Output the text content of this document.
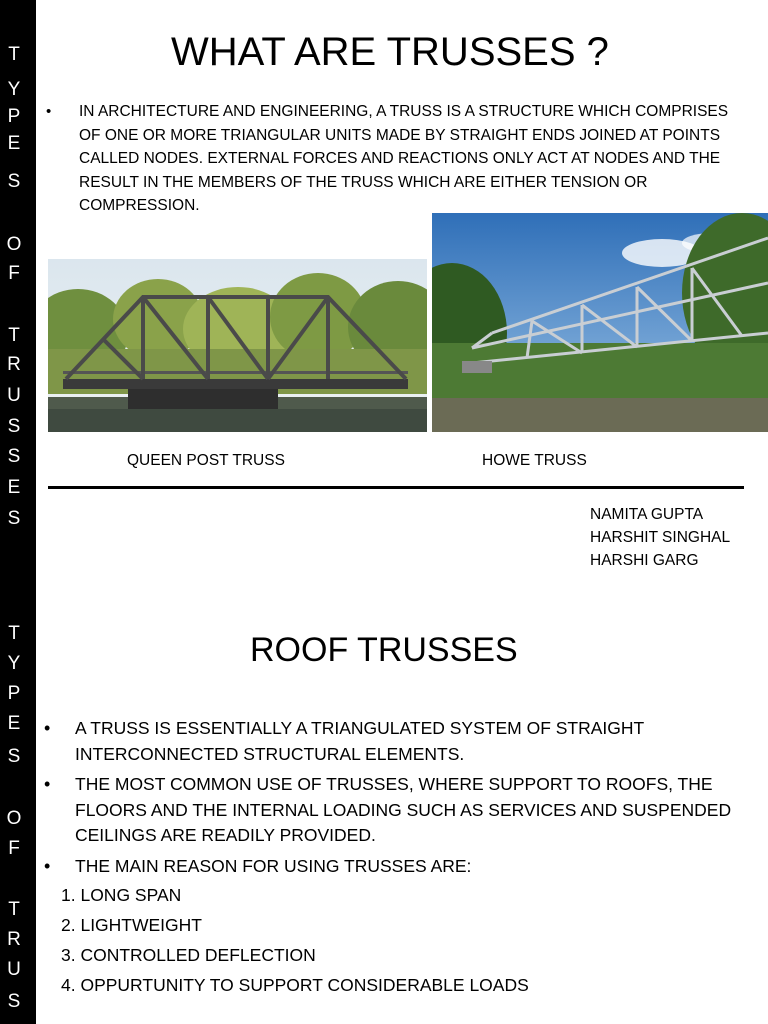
T
Y
P
E
S
O
F
T
R
U
S
S
E
S
T
Y
P
E
S
O
F
T
R
U
S
WHAT ARE TRUSSES ?
• IN ARCHITECTURE AND ENGINEERING, A TRUSS IS A STRUCTURE WHICH COMPRISES OF ONE OR MORE TRIANGULAR UNITS MADE BY STRAIGHT ENDS JOINED AT POINTS CALLED NODES. EXTERNAL FORCES AND REACTIONS ONLY ACT AT NODES AND THE RESULT IN THE MEMBERS OF THE TRUSS WHICH ARE EITHER TENSION OR COMPRESSION.
QUEEN POST TRUSS	HOWE TRUSS
NAMITA GUPTA
HARSHIT SINGHAL
HARSHI GARG
ROOF TRUSSES
• A TRUSS IS ESSENTIALLY A TRIANGULATED SYSTEM OF STRAIGHT INTERCONNECTED STRUCTURAL ELEMENTS.
• THE MOST COMMON USE OF TRUSSES, WHERE SUPPORT TO ROOFS, THE FLOORS AND THE INTERNAL LOADING SUCH AS SERVICES AND SUSPENDED CEILINGS ARE READILY PROVIDED.
• THE MAIN REASON FOR USING TRUSSES ARE:
1. LONG SPAN
2. LIGHTWEIGHT
3. CONTROLLED DEFLECTION
4. OPPURTUNITY TO SUPPORT CONSIDERABLE LOADS
